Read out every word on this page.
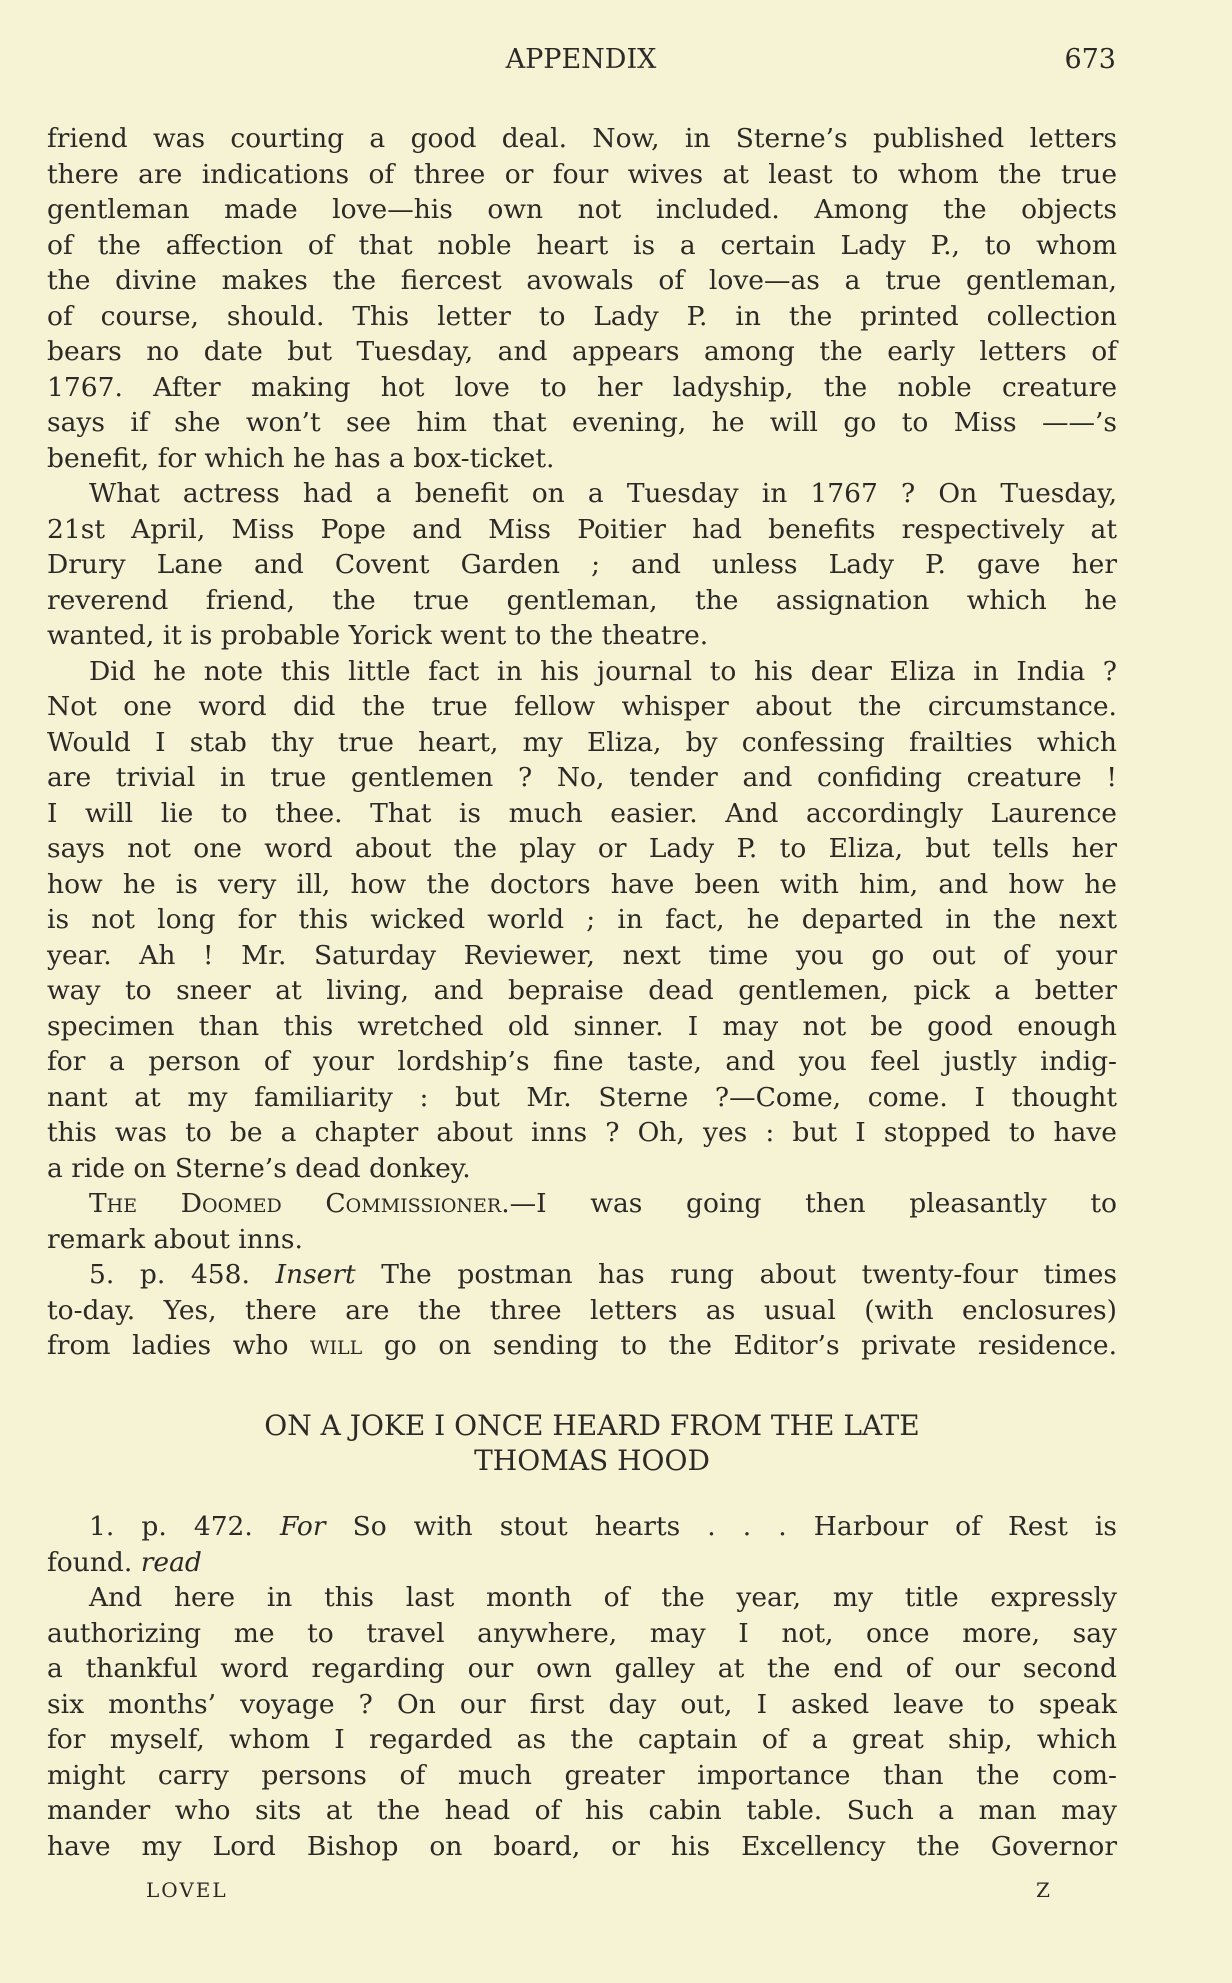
APPENDIX	673
friend was courting a good deal. Now, in Sterne’s published letters
there are indications of three or four wives at least to whom the true
gentleman made love—his own not included. Among the objects
of the affection of that noble heart is a certain Lady P., to whom
the divine makes the fiercest avowals of love—as a true gentleman,
of course, should. This letter to Lady P. in the printed collection
bears no date but Tuesday, and appears among the early letters of
1767. After making hot love to her ladyship, the noble creature
says if she won’t see him that evening, he will go to Miss ——’s
benefit, for which he has a box-ticket.
What actress had a benefit on a Tuesday in 1767 ? On Tuesday,
21st April, Miss Pope and Miss Poitier had benefits respectively at
Drury Lane and Covent Garden ; and unless Lady P. gave her
reverend friend, the true gentleman, the assignation which he
wanted, it is probable Yorick went to the theatre.
Did he note this little fact in his journal to his dear Eliza in India ?
Not one word did the true fellow whisper about the circumstance.
Would I stab thy true heart, my Eliza, by confessing frailties which
are trivial in true gentlemen ? No, tender and confiding creature !
I will lie to thee. That is much easier. And accordingly Laurence
says not one word about the play or Lady P. to Eliza, but tells her
how he is very ill, how the doctors have been with him, and how he
is not long for this wicked world ; in fact, he departed in the next
year. Ah ! Mr. Saturday Reviewer, next time you go out of your
way to sneer at living, and bepraise dead gentlemen, pick a better
specimen than this wretched old sinner. I may not be good enough
for a person of your lordship’s fine taste, and you feel justly indig-
nant at my familiarity : but Mr. Sterne ?—Come, come. I thought
this was to be a chapter about inns ? Oh, yes : but I stopped to have
a ride on Sterne’s dead donkey.
The Doomed Commissioner.—I was going then pleasantly to
remark about inns.
5. p. 458. Insert The postman has rung about twenty-four times
to-day. Yes, there are the three letters as usual (with enclosures)
from ladies who will go on sending to the Editor’s private residence.
ON A JOKE I ONCE HEARD FROM THE LATE
THOMAS HOOD
1. p. 472. For So with stout hearts . . . Harbour of Rest is
found. read
And here in this last month of the year, my title expressly
authorizing me to travel anywhere, may I not, once more, say
a thankful word regarding our own galley at the end of our second
six months’ voyage ? On our first day out, I asked leave to speak
for myself, whom I regarded as the captain of a great ship, which
might carry persons of much greater importance than the com-
mander who sits at the head of his cabin table. Such a man may
have my Lord Bishop on board, or his Excellency the Governor
LOVEL	Z
